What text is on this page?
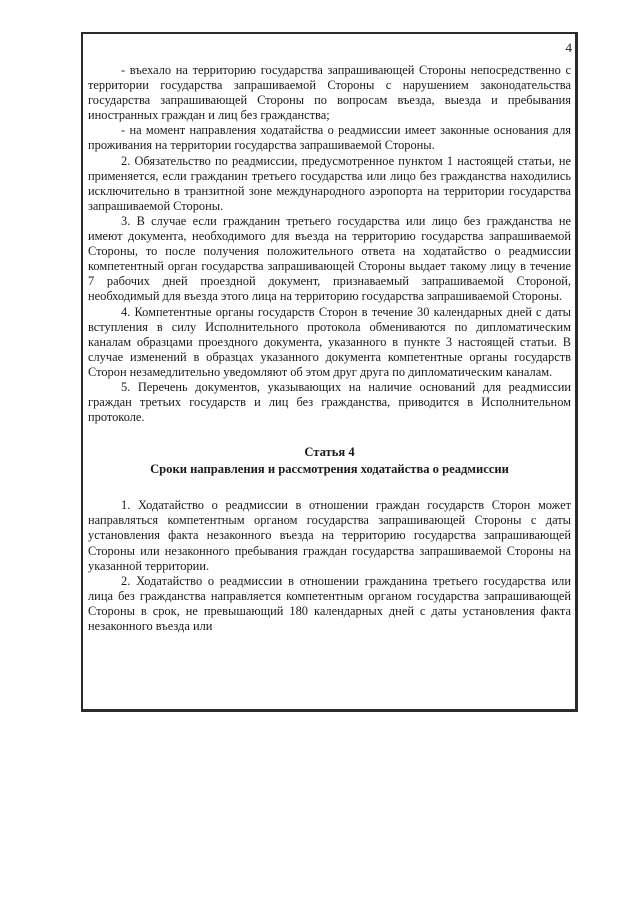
4

- въехало на территорию государства запрашивающей Стороны непосредственно с территории государства запрашиваемой Стороны с нарушением законодательства государства запрашивающей Стороны по вопросам въезда, выезда и пребывания иностранных граждан и лиц без гражданства;

- на момент направления ходатайства о реадмиссии имеет законные основания для проживания на территории государства запрашиваемой Стороны.

2. Обязательство по реадмиссии, предусмотренное пунктом 1 настоящей статьи, не применяется, если гражданин третьего государства или лицо без гражданства находились исключительно в транзитной зоне международного аэропорта на территории государства запрашиваемой Стороны.

3. В случае если гражданин третьего государства или лицо без гражданства не имеют документа, необходимого для въезда на территорию государства запрашиваемой Стороны, то после получения положительного ответа на ходатайство о реадмиссии компетентный орган государства запрашивающей Стороны выдает такому лицу в течение 7 рабочих дней проездной документ, признаваемый запрашиваемой Стороной, необходимый для въезда этого лица на территорию государства запрашиваемой Стороны.

4. Компетентные органы государств Сторон в течение 30 календарных дней с даты вступления в силу Исполнительного протокола обмениваются по дипломатическим каналам образцами проездного документа, указанного в пункте 3 настоящей статьи. В случае изменений в образцах указанного документа компетентные органы государств Сторон незамедлительно уведомляют об этом друг друга по дипломатическим каналам.

5. Перечень документов, указывающих на наличие оснований для реадмиссии граждан третьих государств и лиц без гражданства, приводится в Исполнительном протоколе.

Статья 4
Сроки направления и рассмотрения ходатайства о реадмиссии

1. Ходатайство о реадмиссии в отношении граждан государств Сторон может направляться компетентным органом государства запрашивающей Стороны с даты установления факта незаконного въезда на территорию государства запрашивающей Стороны или незаконного пребывания граждан государства запрашиваемой Стороны на указанной территории.

2. Ходатайство о реадмиссии в отношении гражданина третьего государства или лица без гражданства направляется компетентным органом государства запрашивающей Стороны в срок, не превышающий 180 календарных дней с даты установления факта незаконного въезда или
